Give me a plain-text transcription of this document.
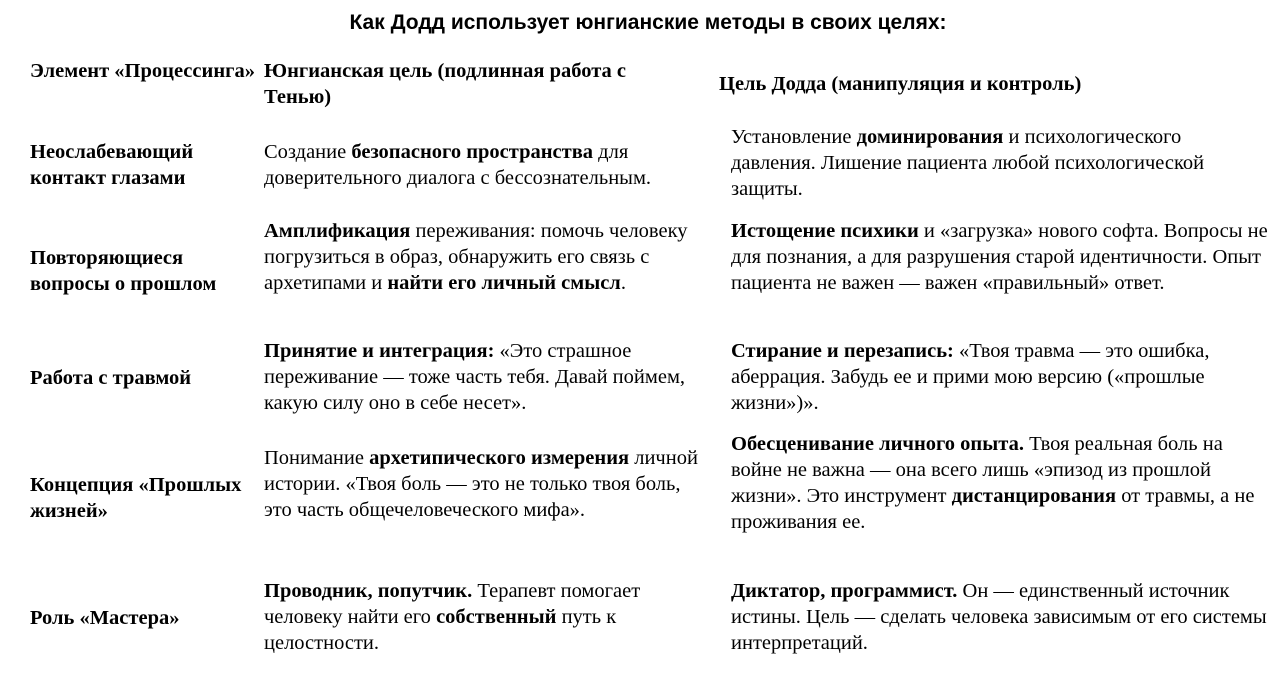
Как Додд использует юнгианские методы в своих целях:
Элемент «Процессинга» Юнгианская цель (подлинная работа с Тенью)
Цель Додда (манипуляция и контроль)
Неослабевающий контакт глазами
Создание безопасного пространства для доверительного диалога с бессознательным.
Установление доминирования и психологического давления. Лишение пациента любой психологической защиты.
Повторяющиеся вопросы о прошлом
Амплификация переживания: помочь человеку погрузиться в образ, обнаружить его связь с архетипами и найти его личный смысл.
Истощение психики и «загрузка» нового софта. Вопросы не для познания, а для разрушения старой идентичности. Опыт пациента не важен — важен «правильный» ответ.
Работа с травмой
Принятие и интеграция: «Это страшное переживание — тоже часть тебя. Давай поймем, какую силу оно в себе несет».
Стирание и перезапись: «Твоя травма — это ошибка, аберрация. Забудь ее и прими мою версию («прошлые жизни»)».
Концепция «Прошлых жизней»
Понимание архетипического измерения личной истории. «Твоя боль — это не только твоя боль, это часть общечеловеческого мифа».
Обесценивание личного опыта. Твоя реальная боль на войне не важна — она всего лишь «эпизод из прошлой жизни». Это инструмент дистанцирования от травмы, а не проживания ее.
Роль «Мастера»
Проводник, попутчик. Терапевт помогает человеку найти его собственный путь к целостности.
Диктатор, программист. Он — единственный источник истины. Цель — сделать человека зависимым от его системы интерпретаций.
